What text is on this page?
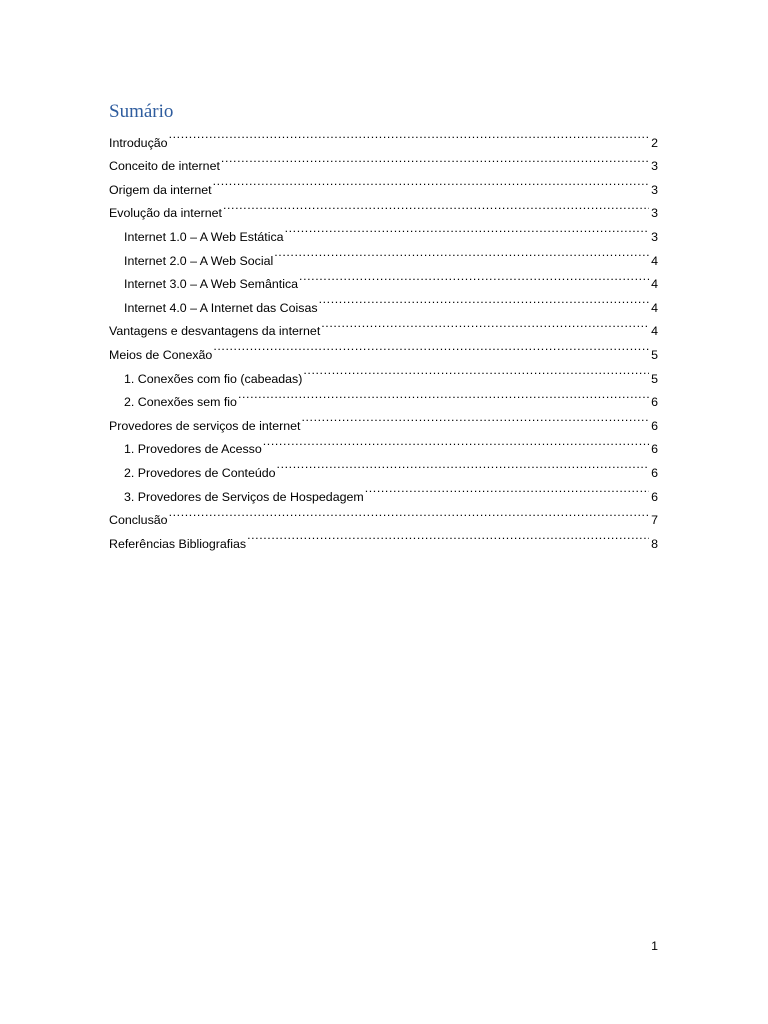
Sumário
Introdução .....	2
Conceito de internet .....	3
Origem da internet .....	3
Evolução da internet .....	3
Internet 1.0 – A Web Estática .....	3
Internet 2.0 – A Web Social .....	4
Internet 3.0 – A Web Semântica .....	4
Internet 4.0 – A Internet das Coisas .....	4
Vantagens e desvantagens da internet .....	4
Meios de Conexão .....	5
1. Conexões com fio (cabeadas) .....	5
2. Conexões sem fio .....	6
Provedores de serviços de internet .....	6
1. Provedores de Acesso .....	6
2. Provedores de Conteúdo .....	6
3. Provedores de Serviços de Hospedagem .....	6
Conclusão .....	7
Referências Bibliografias .....	8
1
